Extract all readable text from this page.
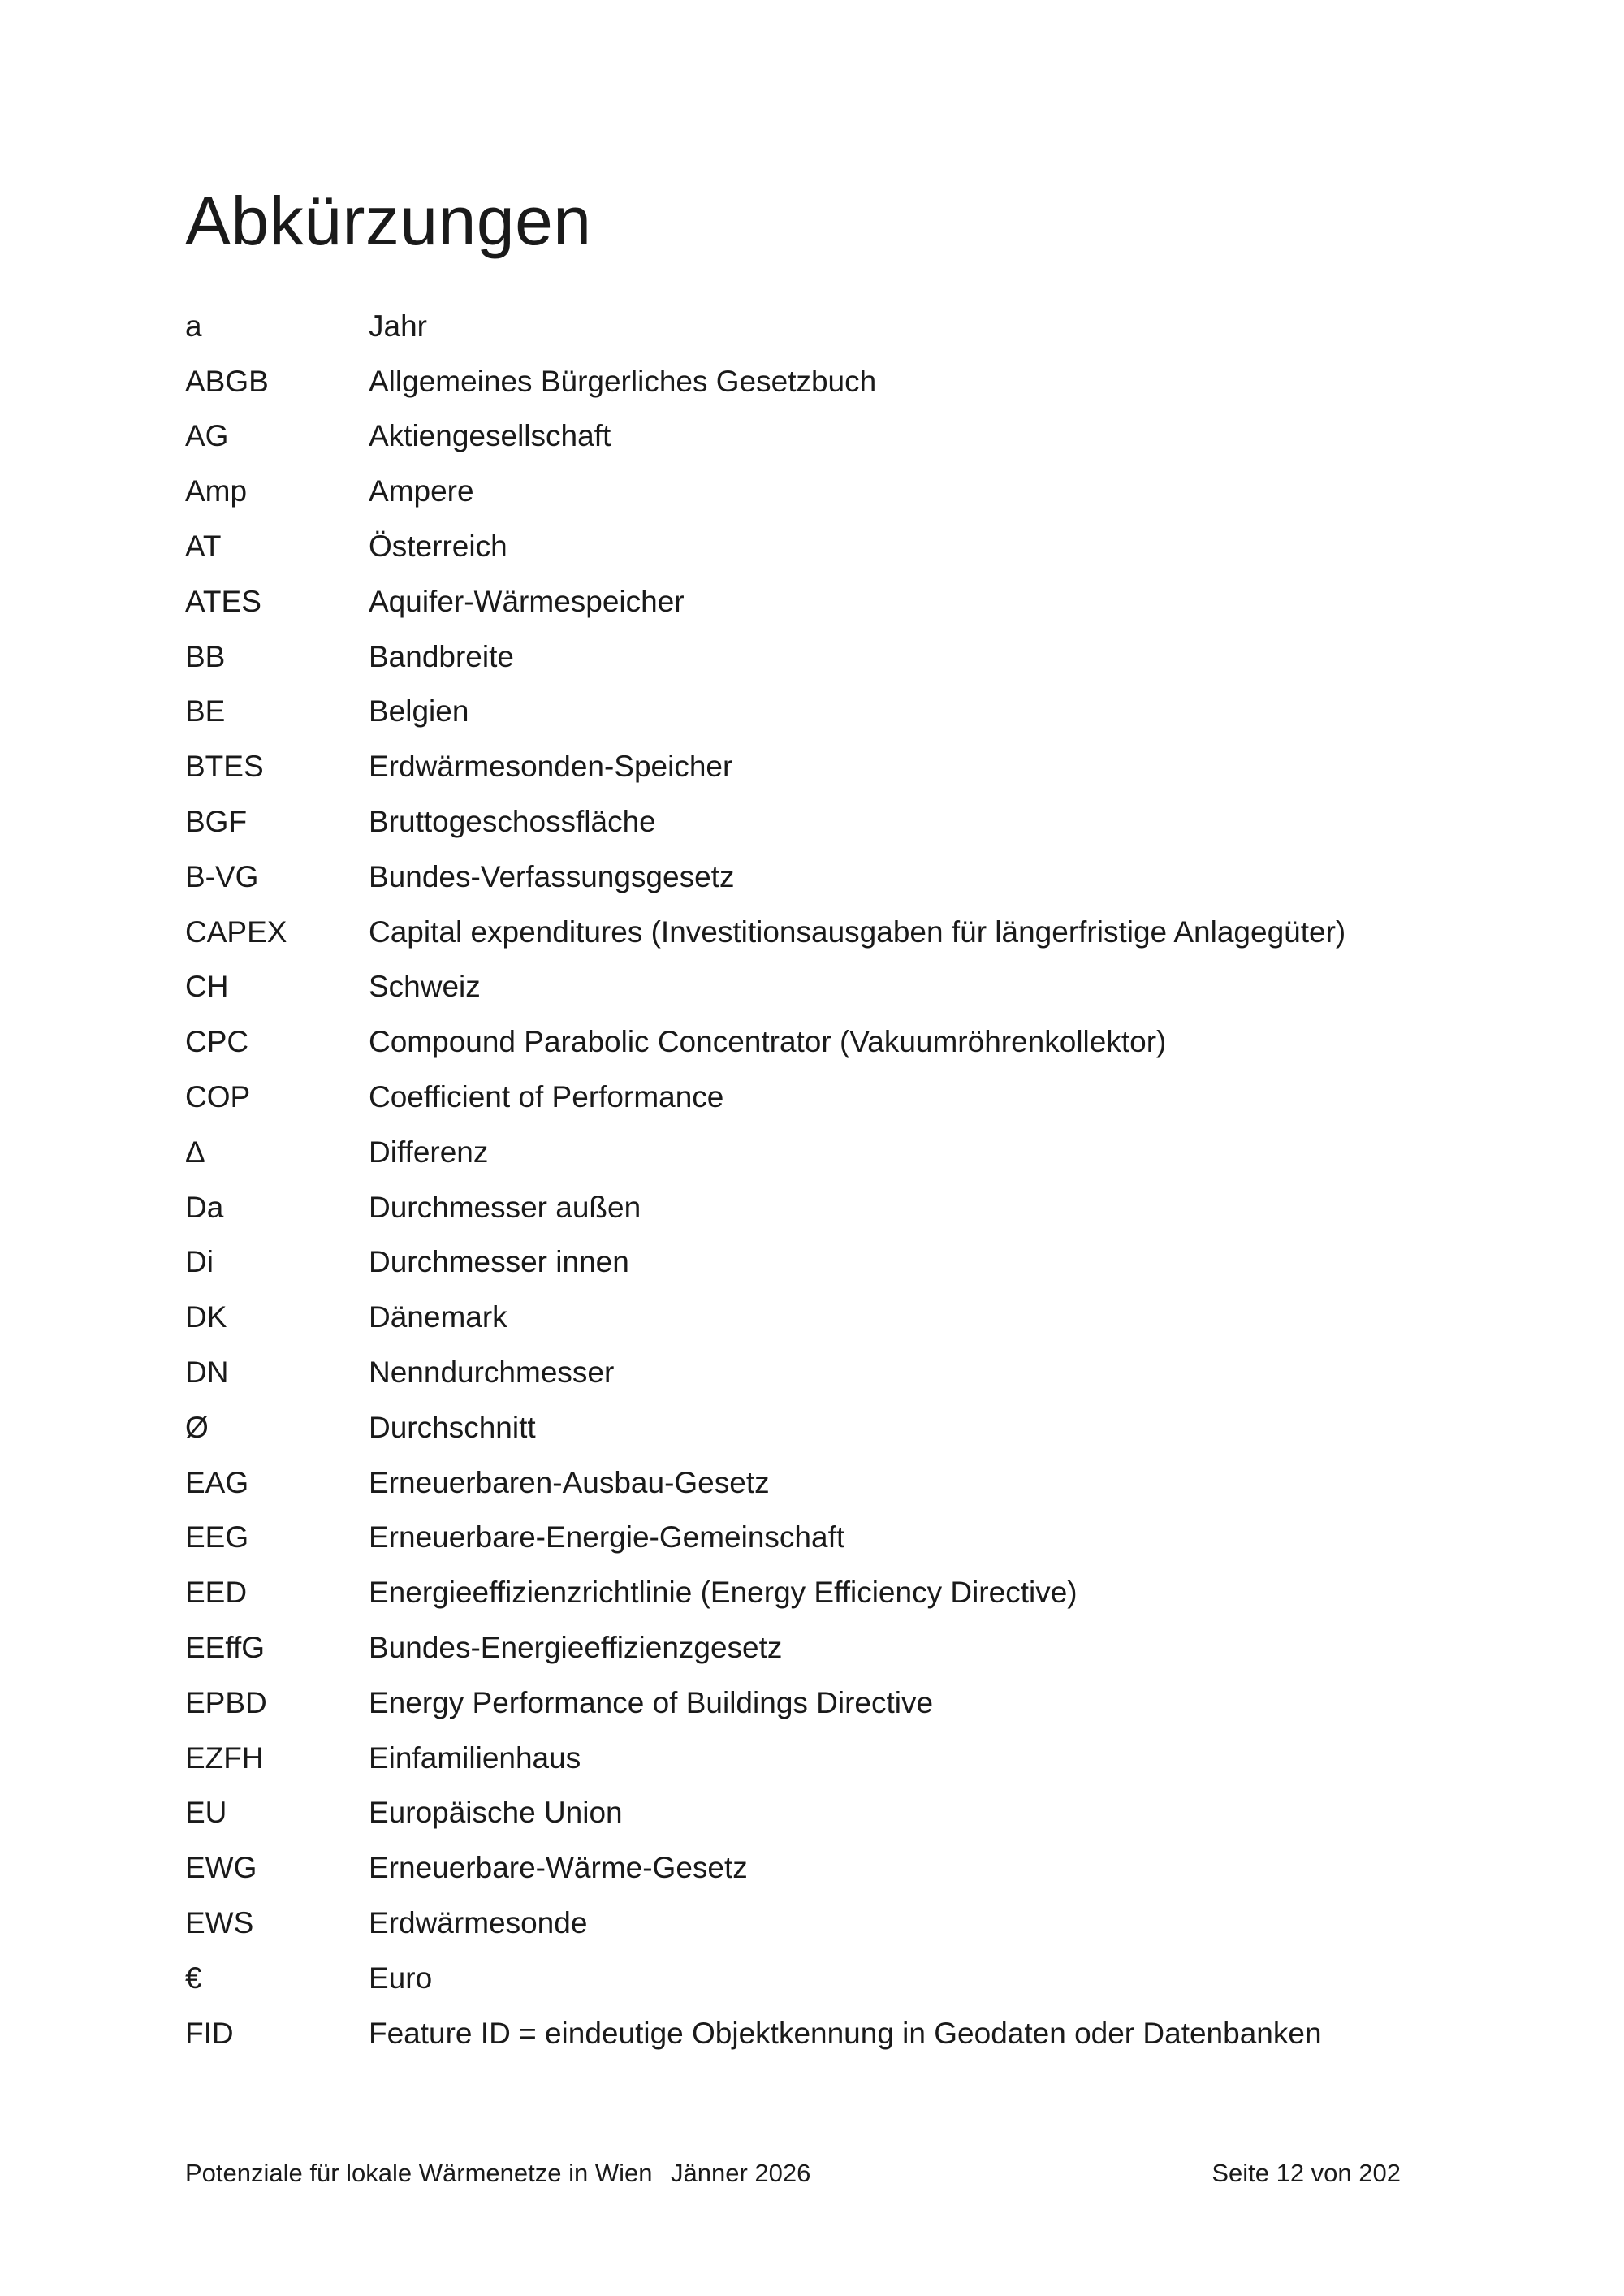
Abkürzungen
a	Jahr
ABGB	Allgemeines Bürgerliches Gesetzbuch
AG	Aktiengesellschaft
Amp	Ampere
AT	Österreich
ATES	Aquifer-Wärmespeicher
BB	Bandbreite
BE	Belgien
BTES	Erdwärmesonden-Speicher
BGF	Bruttogeschossfläche
B-VG	Bundes-Verfassungsgesetz
CAPEX	Capital expenditures (Investitionsausgaben für längerfristige Anlagegüter)
CH	Schweiz
CPC	Compound Parabolic Concentrator (Vakuumröhrenkollektor)
COP	Coefficient of Performance
Δ	Differenz
Da	Durchmesser außen
Di	Durchmesser innen
DK	Dänemark
DN	Nenndurchmesser
Ø	Durchschnitt
EAG	Erneuerbaren-Ausbau-Gesetz
EEG	Erneuerbare-Energie-Gemeinschaft
EED	Energieeffizienzrichtlinie (Energy Efficiency Directive)
EEffG	Bundes-Energieeffizienzgesetz
EPBD	Energy Performance of Buildings Directive
EZFH	Einfamilienhaus
EU	Europäische Union
EWG	Erneuerbare-Wärme-Gesetz
EWS	Erdwärmesonde
€	Euro
FID	Feature ID = eindeutige Objektkennung in Geodaten oder Datenbanken
Potenziale für lokale Wärmenetze in Wien Jänner 2026	Seite 12 von 202
